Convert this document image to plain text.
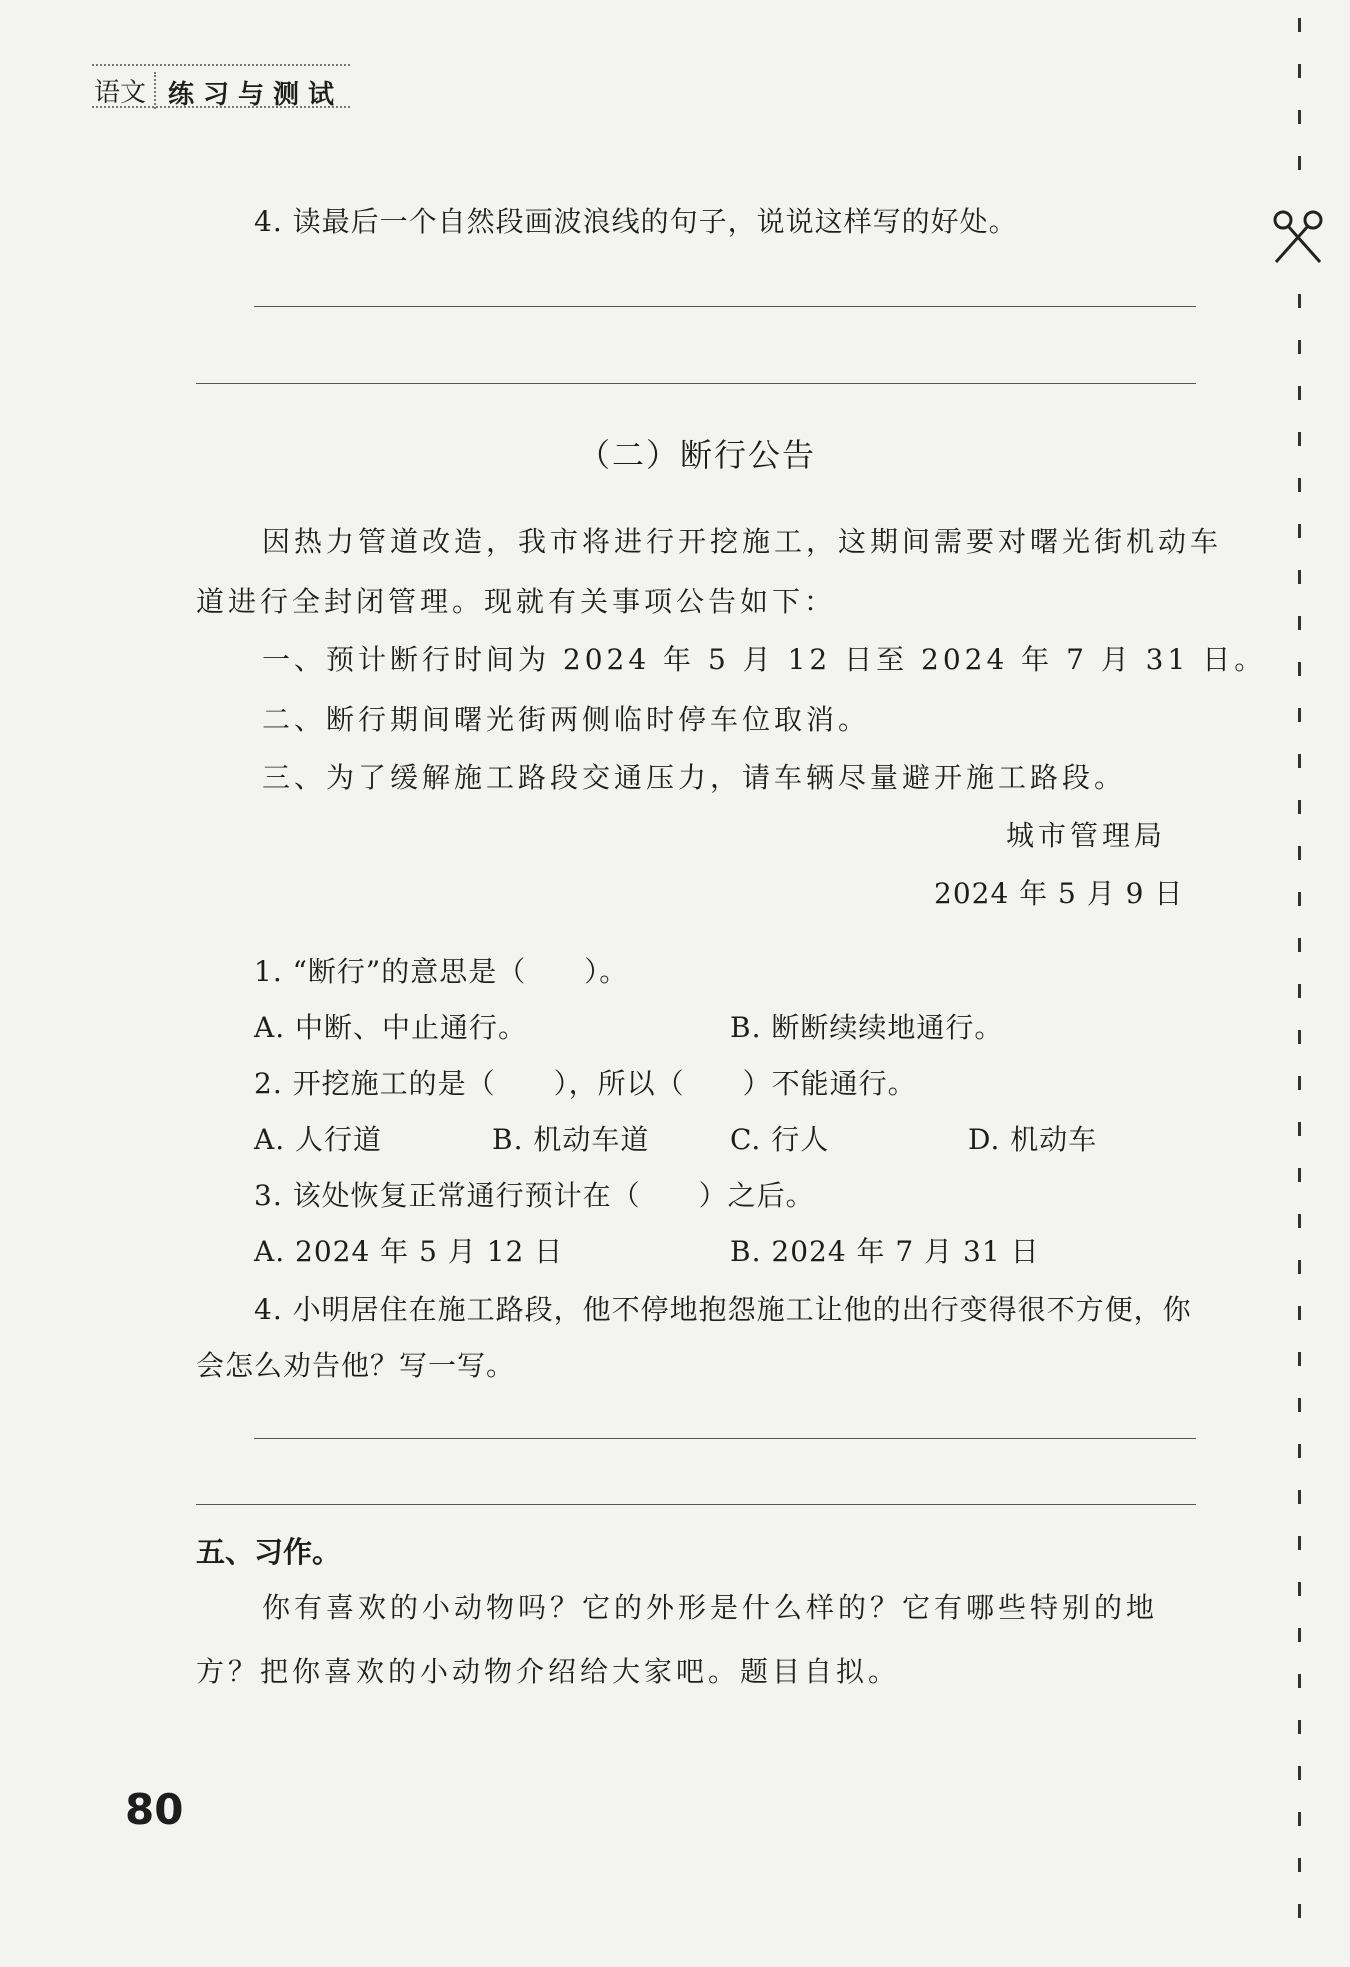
语文 练习与测试
4. 读最后一个自然段画波浪线的句子，说说这样写的好处。
（二）断行公告
因热力管道改造，我市将进行开挖施工，这期间需要对曙光街机动车
道进行全封闭管理。现就有关事项公告如下：
一、预计断行时间为 2024 年 5 月 12 日至 2024 年 7 月 31 日。
二、断行期间曙光街两侧临时停车位取消。
三、为了缓解施工路段交通压力，请车辆尽量避开施工路段。
城市管理局
2024 年 5 月 9 日
1. “断行”的意思是（　　）。
A. 中断、中止通行。	B. 断断续续地通行。
2. 开挖施工的是（　　），所以（　　）不能通行。
A. 人行道	B. 机动车道	C. 行人	D. 机动车
3. 该处恢复正常通行预计在（　　）之后。
A. 2024 年 5 月 12 日	B. 2024 年 7 月 31 日
4. 小明居住在施工路段，他不停地抱怨施工让他的出行变得很不方便，你
会怎么劝告他？写一写。
五、习作。
你有喜欢的小动物吗？它的外形是什么样的？它有哪些特别的地
方？把你喜欢的小动物介绍给大家吧。题目自拟。
80
